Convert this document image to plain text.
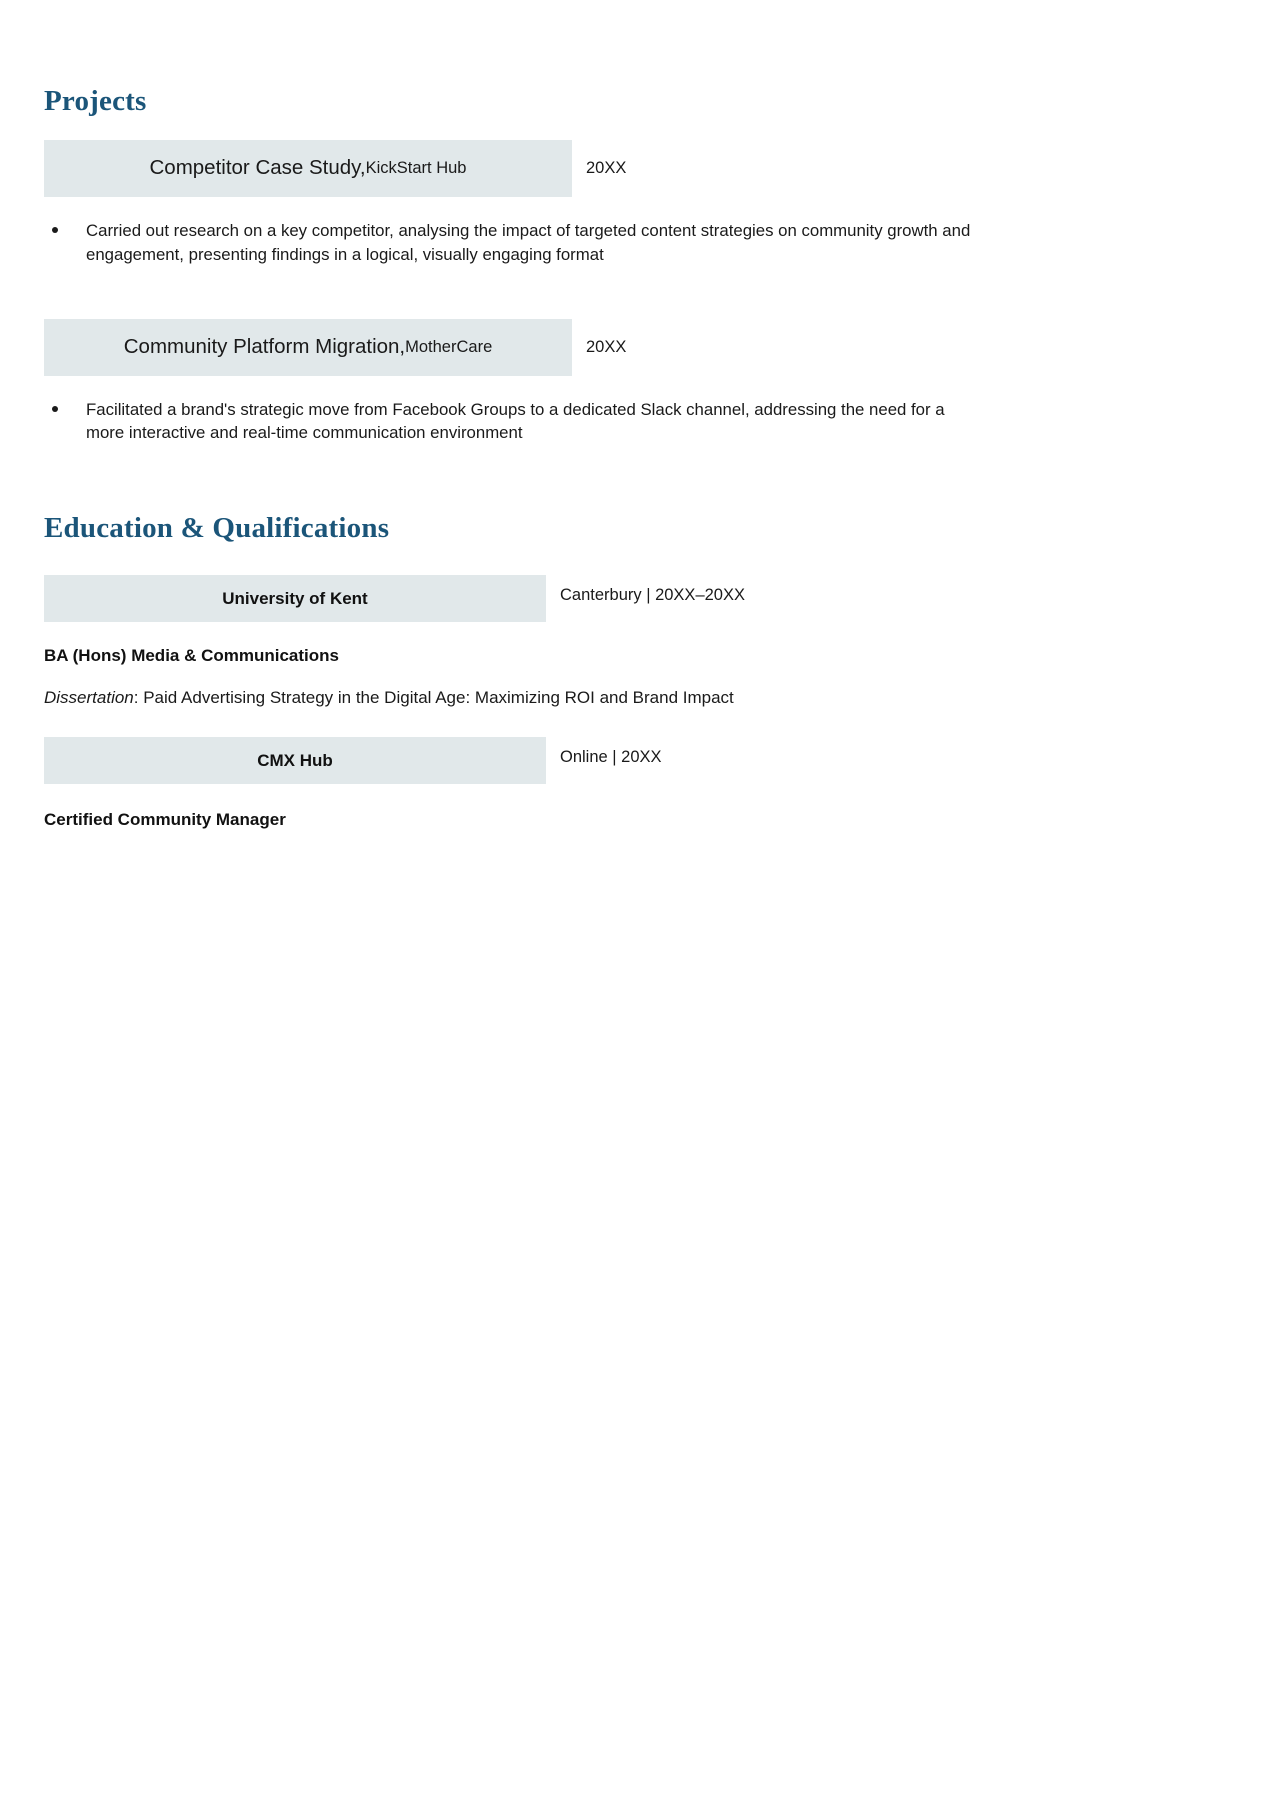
Projects
Competitor Case Study, KickStart Hub	20XX
Carried out research on a key competitor, analysing the impact of targeted content strategies on community growth and engagement, presenting findings in a logical, visually engaging format
Community Platform Migration, MotherCare	20XX
Facilitated a brand's strategic move from Facebook Groups to a dedicated Slack channel, addressing the need for a more interactive and real-time communication environment
Education & Qualifications
University of Kent	Canterbury | 20XX–20XX
BA (Hons) Media & Communications
Dissertation: Paid Advertising Strategy in the Digital Age: Maximizing ROI and Brand Impact
CMX Hub	Online | 20XX
Certified Community Manager
